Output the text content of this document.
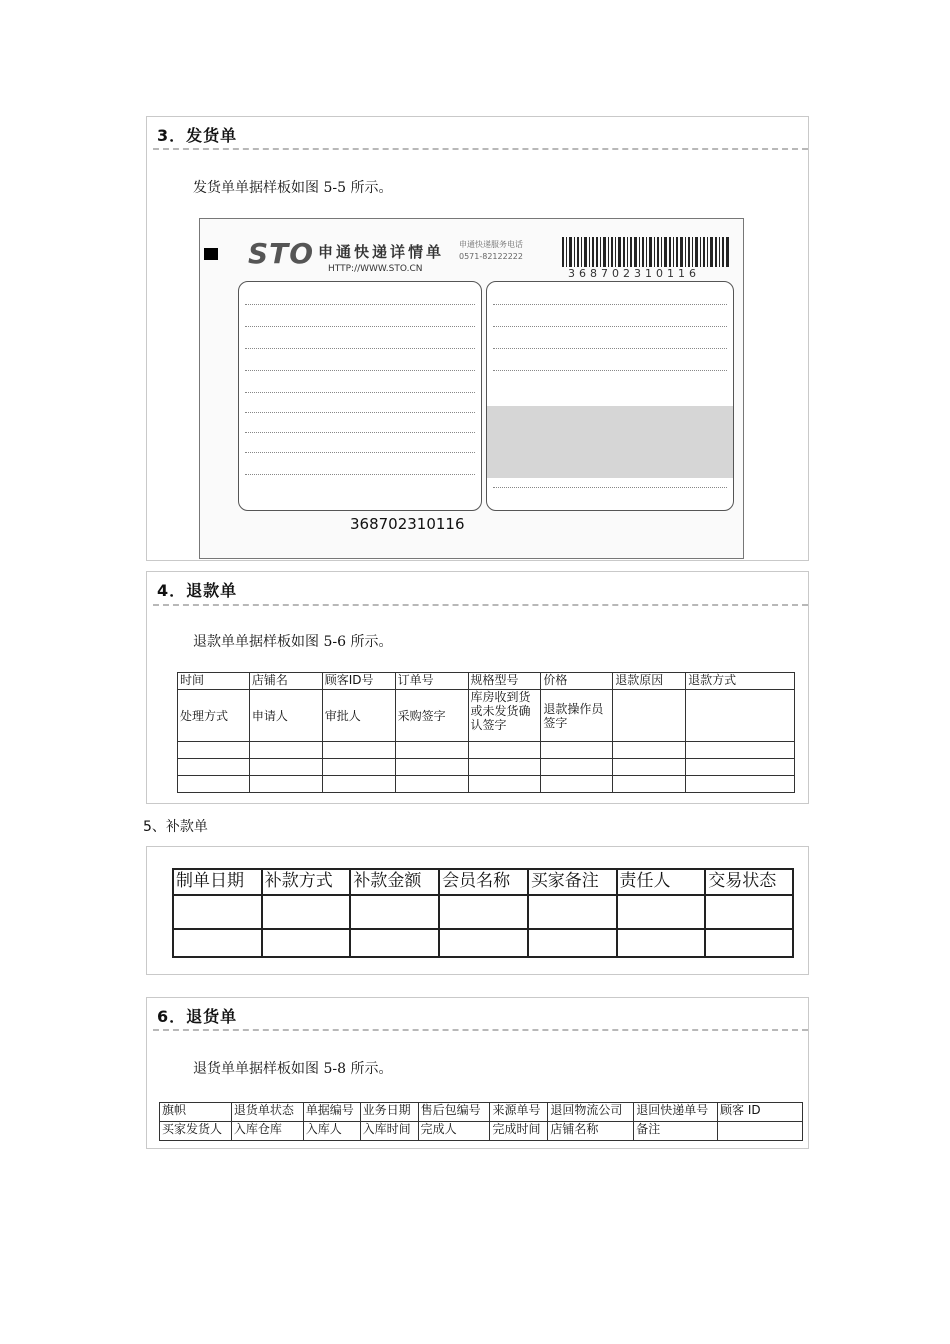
3．发货单
发货单单据样板如图 5-5 所示。
STO 申通快递详情单
HTTP://WWW.STO.CN
申通快递服务电话
0571-82122222
368702310116
368702310116
4．退款单
退款单单据样板如图 5-6 所示。
时间	店铺名	顾客ID号	订单号	规格型号	价格	退款原因	退款方式
处理方式	申请人	审批人	采购签字	库房收到货或未发货确认签字	退款操作员签字		

5、补款单
制单日期	补款方式	补款金额	会员名称	买家备注	责任人	交易状态

6．退货单
退货单单据样板如图 5-8 所示。
旗帜	退货单状态	单据编号	业务日期	售后包编号	来源单号	退回物流公司	退回快递单号	顾客 ID
买家发货人	入库仓库	入库人	入库时间	完成人	完成时间	店铺名称	备注	
